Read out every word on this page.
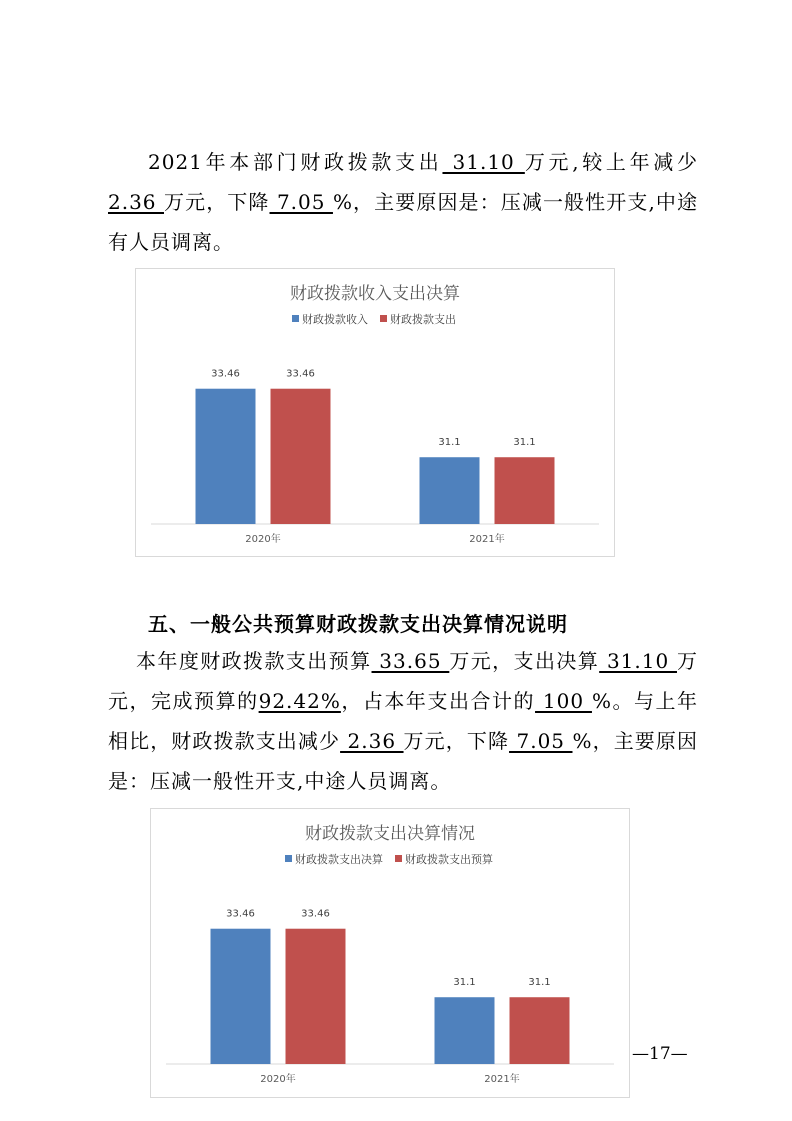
2021年本部门财政拨款支出 31.10 万元,较上年减少 2.36 万元，下降 7.05 %，主要原因是：压减一般性开支,中途有人员调离。
财政拨款收入支出决算
财政拨款收入 财政拨款支出
33.46	33.46
2020年
31.1	31.1
2021年
五、一般公共预算财政拨款支出决算情况说明
本年度财政拨款支出预算 33.65 万元，支出决算 31.10 万元，完成预算的92.42%，占本年支出合计的 100 %。与上年相比，财政拨款支出减少 2.36 万元，下降 7.05 %，主要原因是：压减一般性开支,中途人员调离。
财政拨款支出决算情况
财政拨款支出决算 财政拨款支出预算
33.46	33.46
2020年
31.1	31.1
2021年
—17—
